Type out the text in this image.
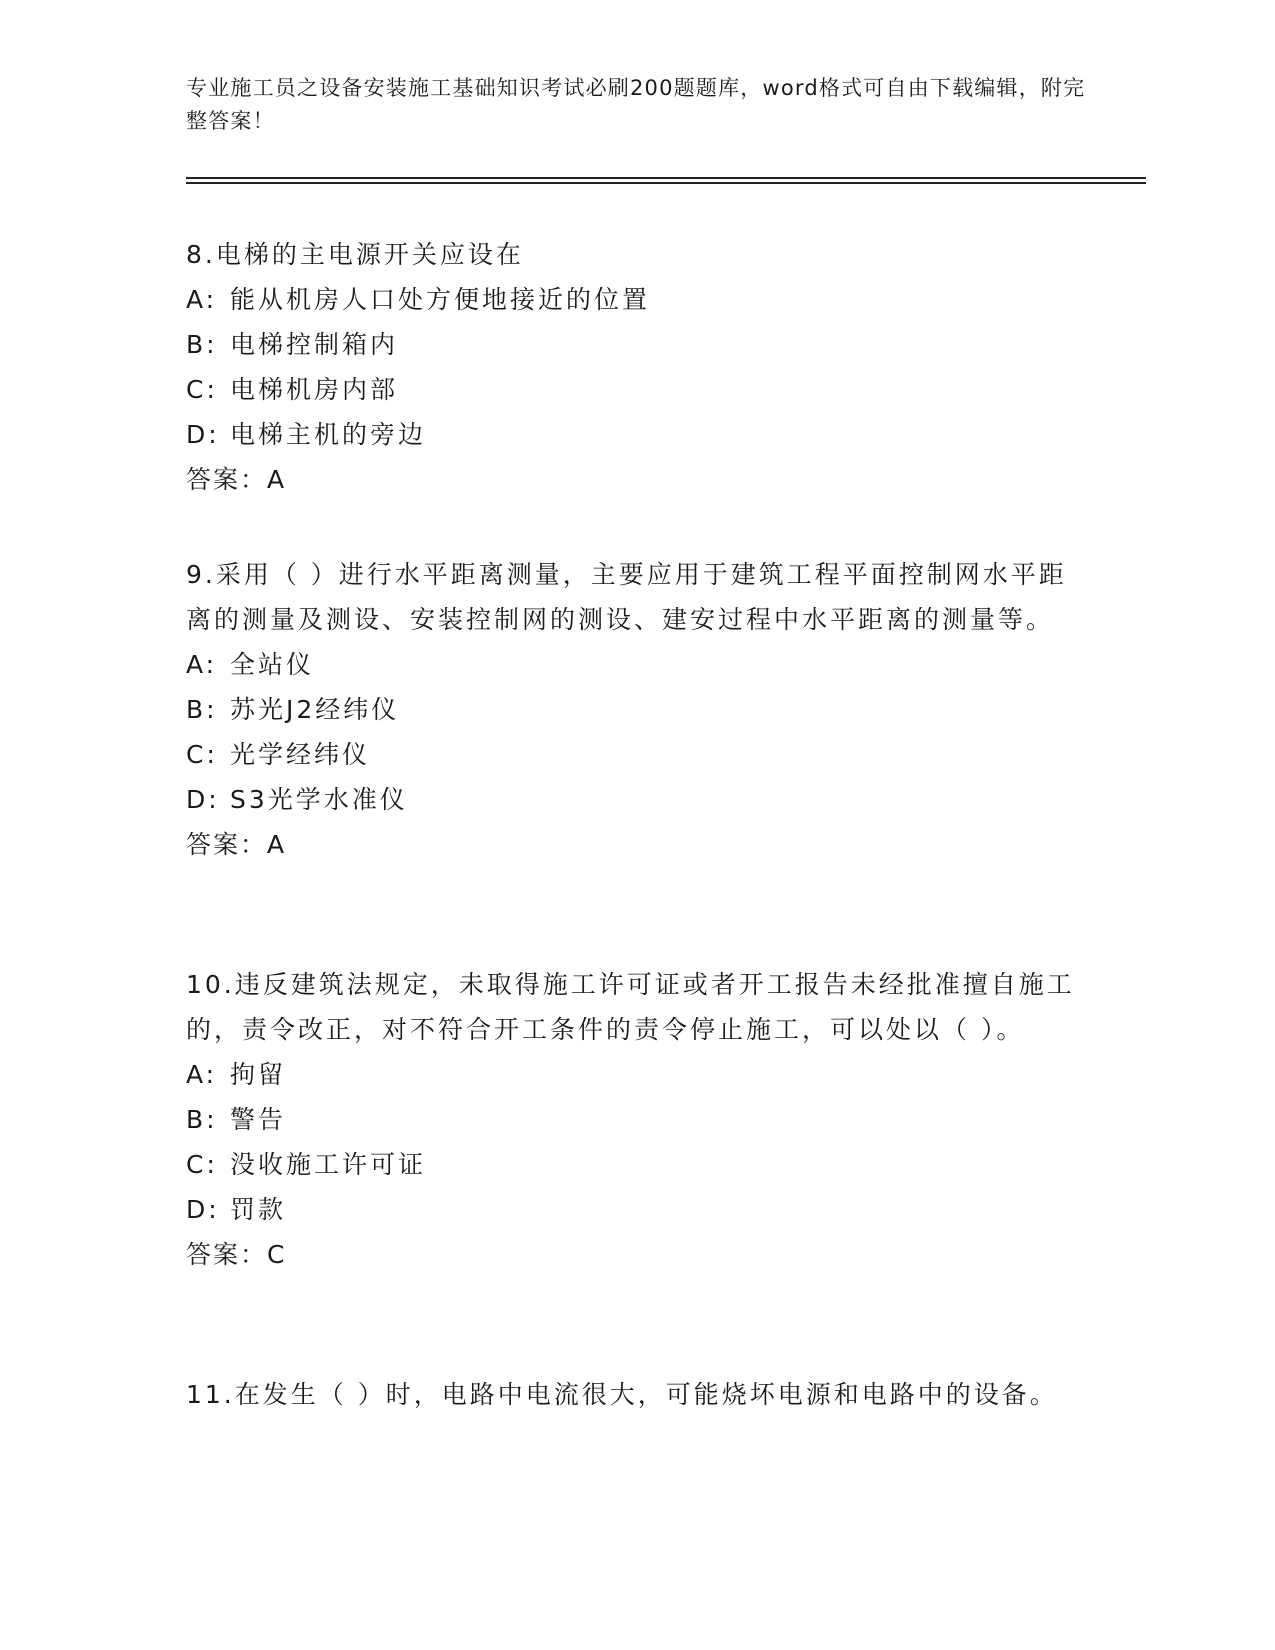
专业施工员之设备安装施工基础知识考试必刷200题题库，word格式可自由下载编辑，附完整答案！
8.电梯的主电源开关应设在
A: 能从机房人口处方便地接近的位置
B: 电梯控制箱内
C: 电梯机房内部
D: 电梯主机的旁边
答案：A
9.采用（ ）进行水平距离测量，主要应用于建筑工程平面控制网水平距离的测量及测设、安装控制网的测设、建安过程中水平距离的测量等。
A: 全站仪
B: 苏光J2经纬仪
C: 光学经纬仪
D: S3光学水准仪
答案：A
10.违反建筑法规定，未取得施工许可证或者开工报告未经批准擅自施工的，责令改正，对不符合开工条件的责令停止施工，可以处以（ ）。
A: 拘留
B: 警告
C: 没收施工许可证
D: 罚款
答案：C
11.在发生（ ）时，电路中电流很大，可能烧坏电源和电路中的设备。
